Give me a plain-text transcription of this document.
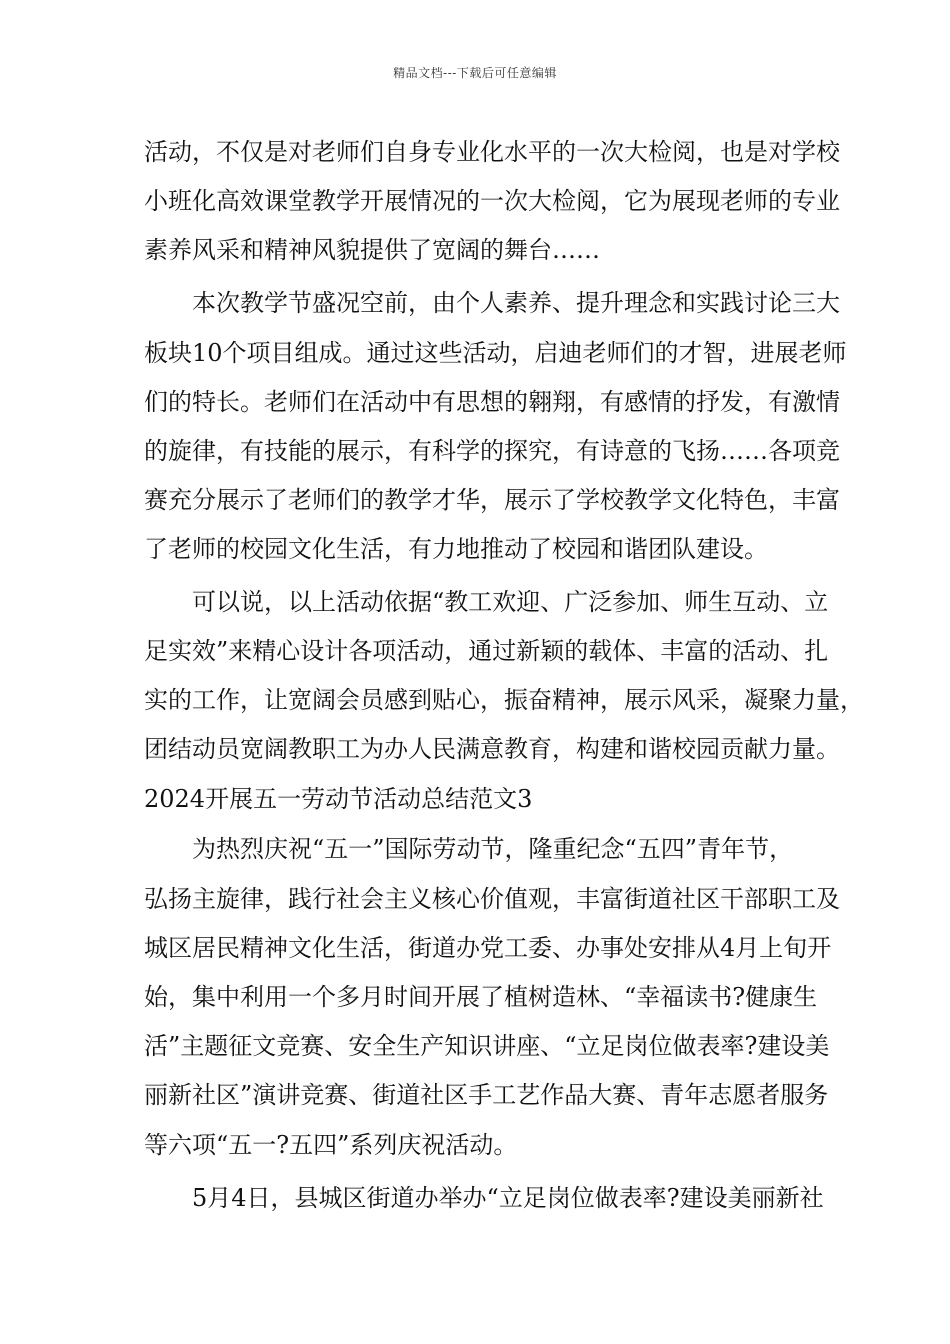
精品文档---下载后可任意编辑
活动，不仅是对老师们自身专业化水平的一次大检阅，也是对学校
小班化高效课堂教学开展情况的一次大检阅，它为展现老师的专业
素养风采和精神风貌提供了宽阔的舞台……
本次教学节盛况空前，由个人素养、提升理念和实践讨论三大
板块10个项目组成。通过这些活动，启迪老师们的才智，进展老师
们的特长。老师们在活动中有思想的翱翔，有感情的抒发，有激情
的旋律，有技能的展示，有科学的探究，有诗意的飞扬……各项竞
赛充分展示了老师们的教学才华，展示了学校教学文化特色，丰富
了老师的校园文化生活，有力地推动了校园和谐团队建设。
可以说，以上活动依据“教工欢迎、广泛参加、师生互动、立
足实效”来精心设计各项活动，通过新颖的载体、丰富的活动、扎
实的工作，让宽阔会员感到贴心，振奋精神，展示风采，凝聚力量，
团结动员宽阔教职工为办人民满意教育，构建和谐校园贡献力量。
2024开展五一劳动节活动总结范文3
为热烈庆祝“五一”国际劳动节，隆重纪念“五四”青年节，
弘扬主旋律，践行社会主义核心价值观，丰富街道社区干部职工及
城区居民精神文化生活，街道办党工委、办事处安排从4月上旬开
始，集中利用一个多月时间开展了植树造林、“幸福读书?健康生
活”主题征文竞赛、安全生产知识讲座、“立足岗位做表率?建设美
丽新社区”演讲竞赛、街道社区手工艺作品大赛、青年志愿者服务
等六项“五一?五四”系列庆祝活动。
5月4日，县城区街道办举办“立足岗位做表率?建设美丽新社
